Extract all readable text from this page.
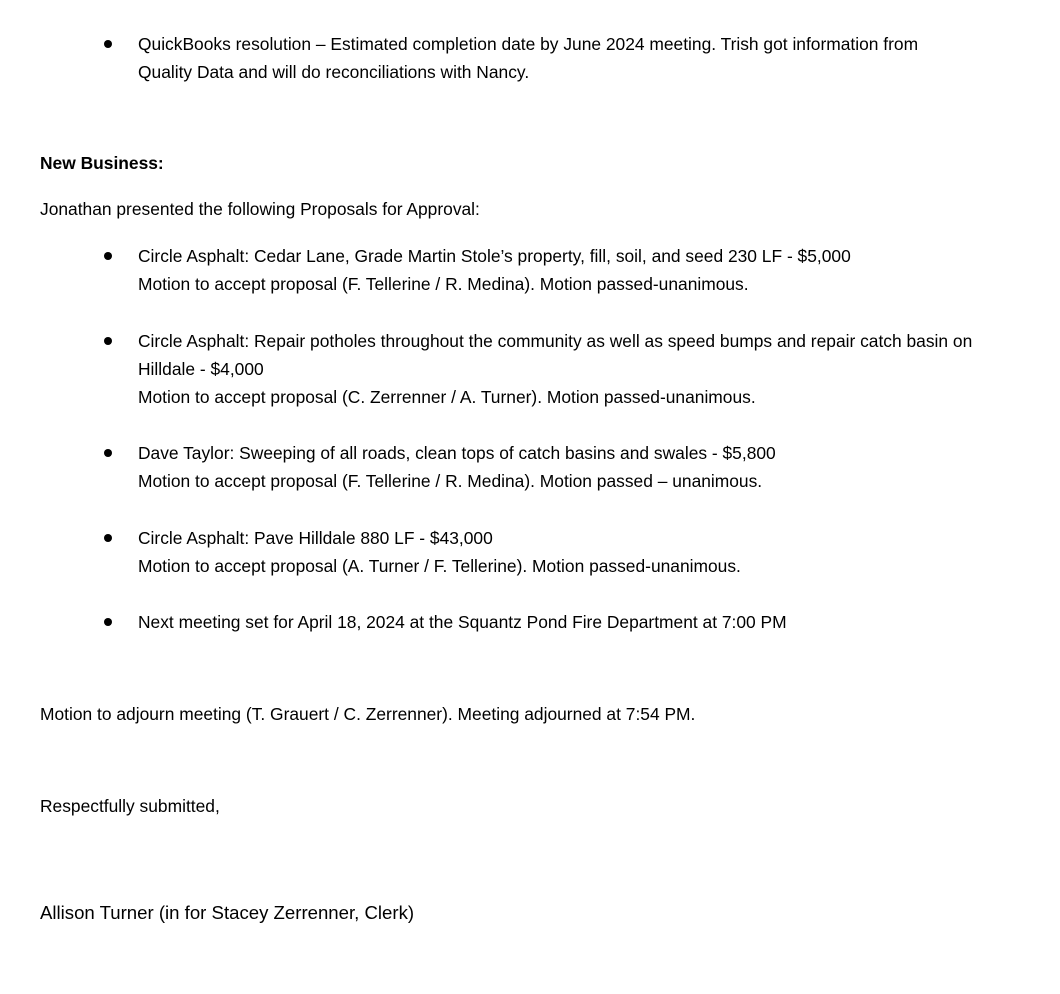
QuickBooks resolution – Estimated completion date by June 2024 meeting. Trish got information from
Quality Data and will do reconciliations with Nancy.
New Business:
Jonathan presented the following Proposals for Approval:
Circle Asphalt: Cedar Lane, Grade Martin Stole’s property, fill, soil, and seed 230 LF - $5,000
Motion to accept proposal (F. Tellerine / R. Medina). Motion passed-unanimous.
Circle Asphalt: Repair potholes throughout the community as well as speed bumps and repair catch basin on
Hilldale - $4,000
Motion to accept proposal (C. Zerrenner / A. Turner). Motion passed-unanimous.
Dave Taylor: Sweeping of all roads, clean tops of catch basins and swales - $5,800
Motion to accept proposal (F. Tellerine / R. Medina). Motion passed – unanimous.
Circle Asphalt: Pave Hilldale 880 LF - $43,000
Motion to accept proposal (A. Turner / F. Tellerine). Motion passed-unanimous.
Next meeting set for April 18, 2024 at the Squantz Pond Fire Department at 7:00 PM
Motion to adjourn meeting (T. Grauert / C. Zerrenner). Meeting adjourned at 7:54 PM.
Respectfully submitted,
Allison Turner (in for Stacey Zerrenner, Clerk)
